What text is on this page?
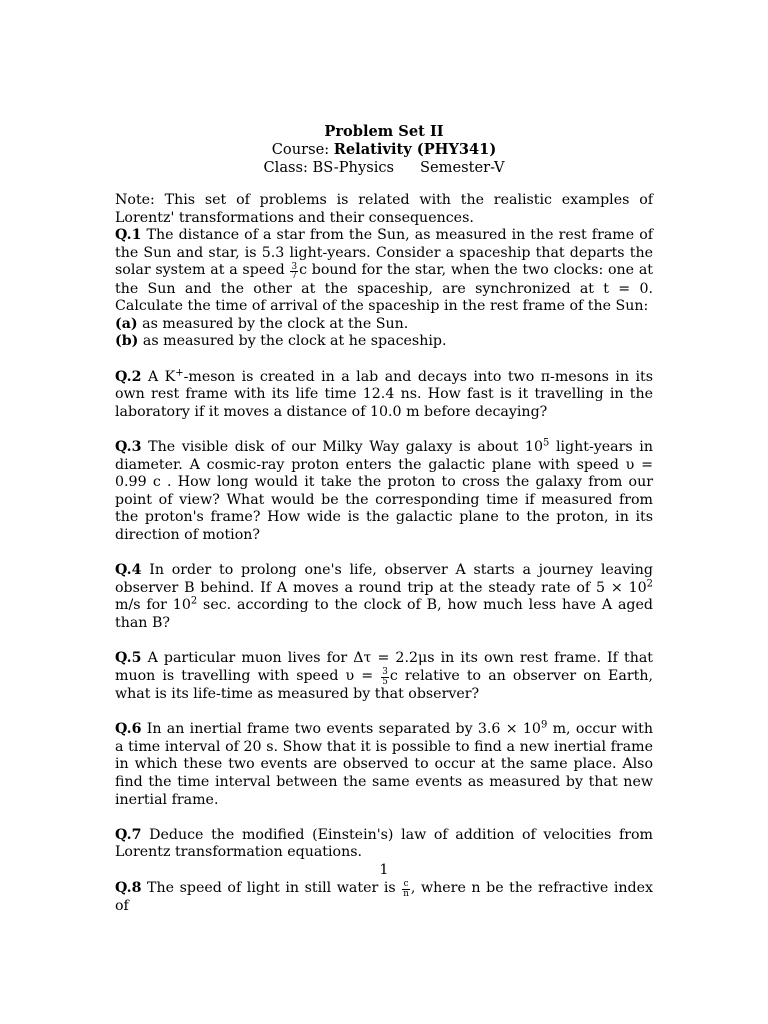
Problem Set II
Course: Relativity (PHY341)
Class: BS-Physics Semester-V

Note: This set of problems is related with the realistic examples of Lorentz' transformations and their consequences.

Q.1 The distance of a star from the Sun, as measured in the rest frame of the Sun and star, is 5.3 light-years. Consider a spaceship that departs the solar system at a speed $\frac{3}{7}$ c bound for the star, when the two clocks: one at the Sun and the other at the spaceship, are synchronized at t = 0. Calculate the time of arrival of the spaceship in the rest frame of the Sun:

(a) as measured by the clock at the Sun.

(b) as measured by the clock at he spaceship.

Q.2 A K+-meson is created in a lab and decays into two π-mesons in its own rest frame with its life time 12.4 ns. How fast is it travelling in the laboratory if it moves a distance of 10.0 m before decaying?

Q.3 The visible disk of our Milky Way galaxy is about $10^5$ light-years in diameter. A cosmic-ray proton enters the galactic plane with speed υ = 0.99 c . How long would it take the proton to cross the galaxy from our point of view? What would be the corresponding time if measured from the proton's frame? How wide is the galactic plane to the proton, in its direction of motion?

Q.4 In order to prolong one's life, observer A starts a journey leaving observer B behind. If A moves a round trip at the steady rate of $5 \times 10^2$ m/s for $10^2$ sec. according to the clock of B, how much less have A aged than B?

Q.5 A particular muon lives for Δτ = 2.2μs in its own rest frame. If that muon is travelling with speed $\upsilon = \frac{3}{5}$ c relative to an observer on Earth, what is its life-time as measured by that observer?

Q.6 In an inertial frame two events separated by $3.6 \times 10^9$ m, occur with a time interval of 20 s. Show that it is possible to find a new inertial frame in which these two events are observed to occur at the same place. Also find the time interval between the same events as measured by that new inertial frame.

Q.7 Deduce the modified (Einstein's) law of addition of velocities from Lorentz transformation equations.

Q.8 The speed of light in still water is $\frac{c}{n}$ , where n be the refractive index of

1
